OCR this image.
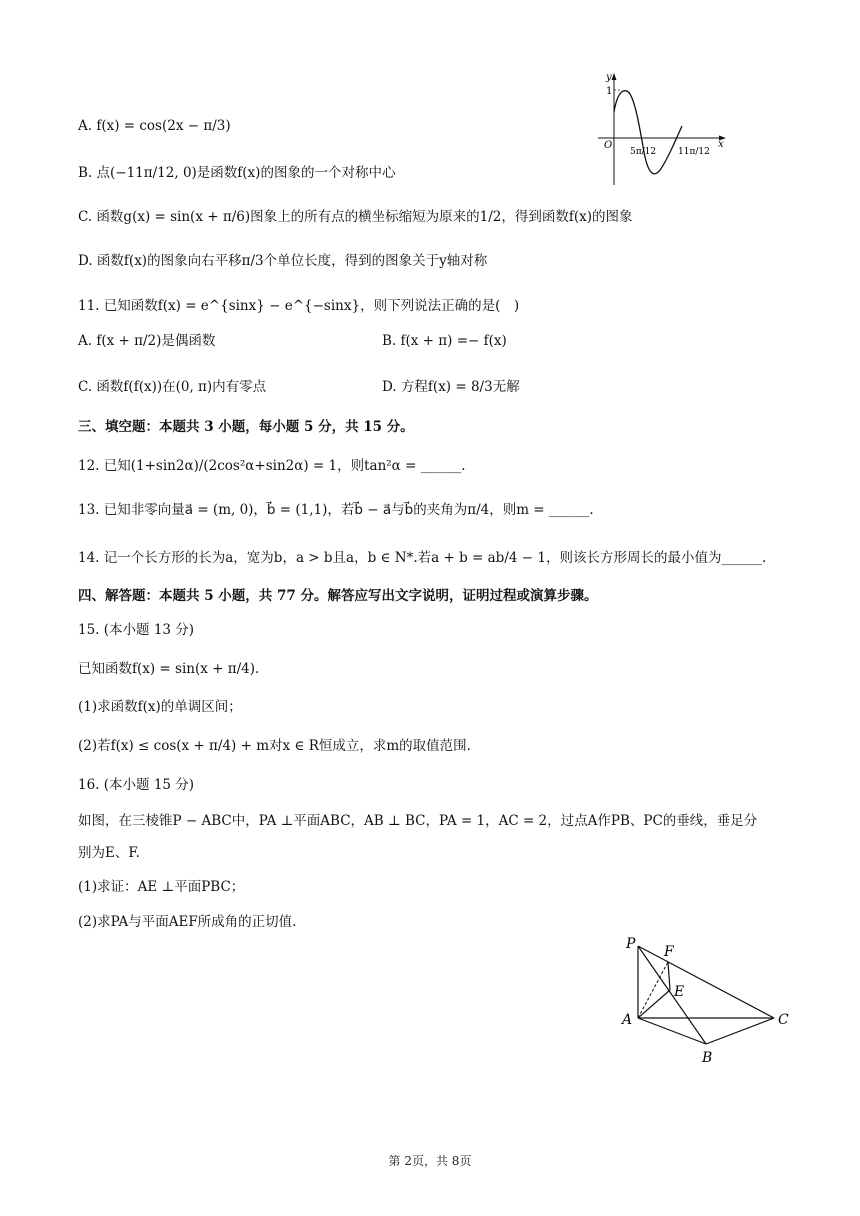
A. f(x) = cos(2x − π/3)
B. 点(−11π/12, 0)是函数f(x)的图象的一个对称中心
C. 函数g(x) = sin(x + π/6)图象上的所有点的横坐标缩短为原来的1/2，得到函数f(x)的图象
D. 函数f(x)的图象向右平移π/3个单位长度，得到的图象关于y轴对称
y
x
1
O
5π/12 11π/12
11. 已知函数f(x) = e^{sinx} − e^{−sinx}，则下列说法正确的是(　)
A. f(x + π/2)是偶函数	B. f(x + π) =− f(x)
C. 函数f(f(x))在(0, π)内有零点	D. 方程f(x) = 8/3无解
三、填空题：本题共 3 小题，每小题 5 分，共 15 分。
12. 已知(1+sin2α)/(2cos²α+sin2α) = 1，则tan²α = ______.
13. 已知非零向量a⃗ = (m, 0)，b⃗ = (1,1)，若b⃗ − a⃗与b⃗的夹角为π/4，则m = ______.
14. 记一个长方形的长为a，宽为b，a > b且a，b ∈ N*.若a + b = ab/4 − 1，则该长方形周长的最小值为______.
四、解答题：本题共 5 小题，共 77 分。解答应写出文字说明，证明过程或演算步骤。
15. (本小题 13 分)
已知函数f(x) = sin(x + π/4).
(1)求函数f(x)的单调区间；
(2)若f(x) ≤ cos(x + π/4) + m对x ∈ R恒成立，求m的取值范围.
16. (本小题 15 分)
如图，在三棱锥P − ABC中，PA ⊥平面ABC，AB ⊥ BC，PA = 1，AC = 2，过点A作PB、PC的垂线，垂足分
别为E、F.
(1)求证：AE ⊥平面PBC；
(2)求PA与平面AEF所成角的正切值.
P F
E
A
B
C
第 2页，共 8页
